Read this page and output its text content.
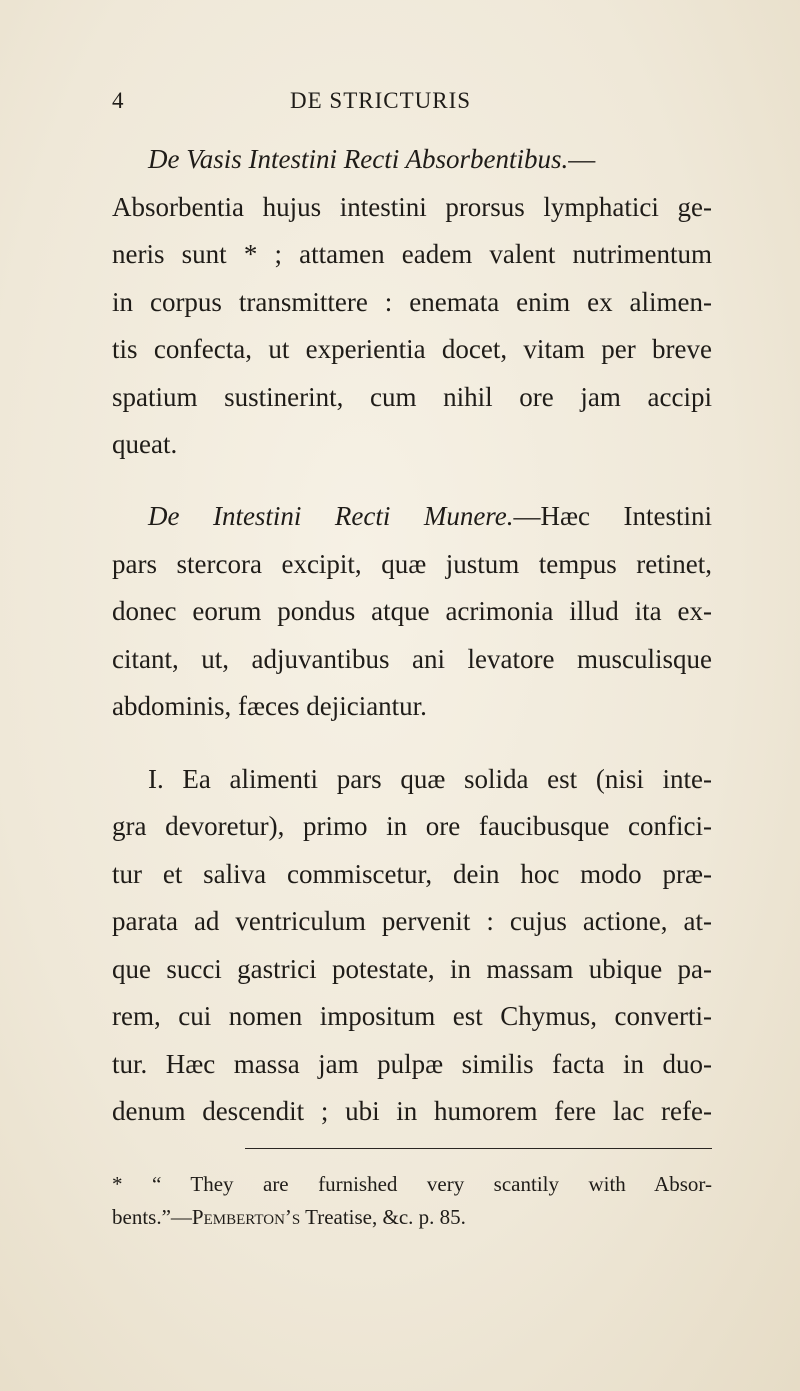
4	DE STRICTURIS
De Vasis Intestini Recti Absorbentibus.—
Absorbentia hujus intestini prorsus lymphatici ge-
neris sunt * ; attamen eadem valent nutrimentum
in corpus transmittere : enemata enim ex alimen-
tis confecta, ut experientia docet, vitam per breve
spatium sustinerint, cum nihil ore jam accipi
queat.
De Intestini Recti Munere.—Hæc Intestini
pars stercora excipit, quæ justum tempus retinet,
donec eorum pondus atque acrimonia illud ita ex-
citant, ut, adjuvantibus ani levatore musculisque
abdominis, fæces dejiciantur.
I. Ea alimenti pars quæ solida est (nisi inte-
gra devoretur), primo in ore faucibusque confici-
tur et saliva commiscetur, dein hoc modo præ-
parata ad ventriculum pervenit : cujus actione, at-
que succi gastrici potestate, in massam ubique pa-
rem, cui nomen impositum est Chymus, converti-
tur. Hæc massa jam pulpæ similis facta in duo-
denum descendit ; ubi in humorem fere lac refe-
* “ They are furnished very scantily with Absor-
bents.”—Pemberton’s Treatise, &c. p. 85.
